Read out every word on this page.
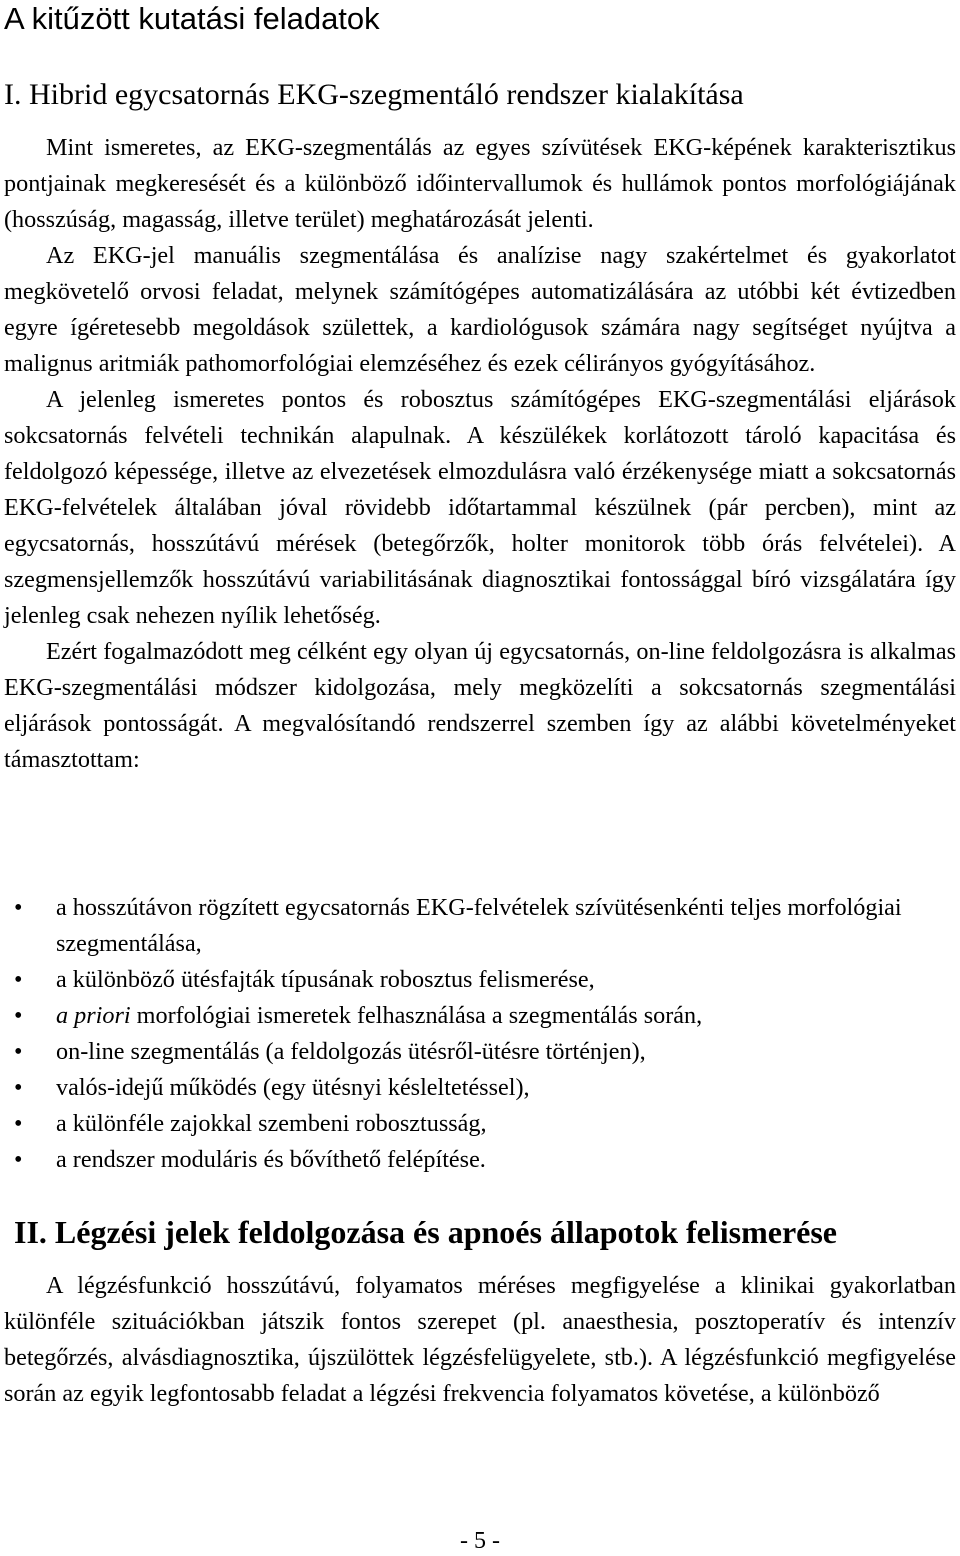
A kitűzött kutatási feladatok
I. Hibrid egycsatornás EKG-szegmentáló rendszer kialakítása

Mint ismeretes, az EKG-szegmentálás az egyes szívütések EKG-képének karakterisztikus pontjainak megkeresését és a különböző időintervallumok és hullámok pontos morfológiájának (hosszúság, magasság, illetve terület) meghatározását jelenti.

Az EKG-jel manuális szegmentálása és analízise nagy szakértelmet és gyakorlatot megkövetelő orvosi feladat, melynek számítógépes automatizálására az utóbbi két évtizedben egyre ígéretesebb megoldások születtek, a kardiológusok számára nagy segítséget nyújtva a malignus aritmiák pathomorfológiai elemzéséhez és ezek célirányos gyógyításához.

A jelenleg ismeretes pontos és robosztus számítógépes EKG-szegmentálási eljárások sokcsatornás felvételi technikán alapulnak. A készülékek korlátozott tároló kapacitása és feldolgozó képessége, illetve az elvezetések elmozdulásra való érzékenysége miatt a sokcsatornás EKG-felvételek általában jóval rövidebb időtartammal készülnek (pár percben), mint az egycsatornás, hosszútávú mérések (betegőrzők, holter monitorok több órás felvételei). A szegmensjellemzők hosszútávú variabilitásának diagnosztikai fontossággal bíró vizsgálatára így jelenleg csak nehezen nyílik lehetőség.

Ezért fogalmazódott meg célként egy olyan új egycsatornás, on-line feldolgozásra is alkalmas EKG-szegmentálási módszer kidolgozása, mely megközelíti a sokcsatornás szegmentálási eljárások pontosságát. A megvalósítandó rendszerrel szemben így az alábbi követelményeket támasztottam:

• a hosszútávon rögzített egycsatornás EKG-felvételek szívütésenkénti teljes morfológiai szegmentálása,
• a különböző ütésfajták típusának robosztus felismerése,
• a priori morfológiai ismeretek felhasználása a szegmentálás során,
• on-line szegmentálás (a feldolgozás ütésről-ütésre történjen),
• valós-idejű működés (egy ütésnyi késleltetéssel),
• a különféle zajokkal szembeni robosztusság,
• a rendszer moduláris és bővíthető felépítése.
II. Légzési jelek feldolgozása és apnoés állapotok felismerése

A légzésfunkció hosszútávú, folyamatos méréses megfigyelése a klinikai gyakorlatban különféle szituációkban játszik fontos szerepet (pl. anaesthesia, posztoperatív és intenzív betegőrzés, alvásdiagnosztika, újszülöttek légzésfelügyelete, stb.). A légzésfunkció megfigyelése során az egyik legfontosabb feladat a légzési frekvencia folyamatos követése, a különböző

- 5 -
